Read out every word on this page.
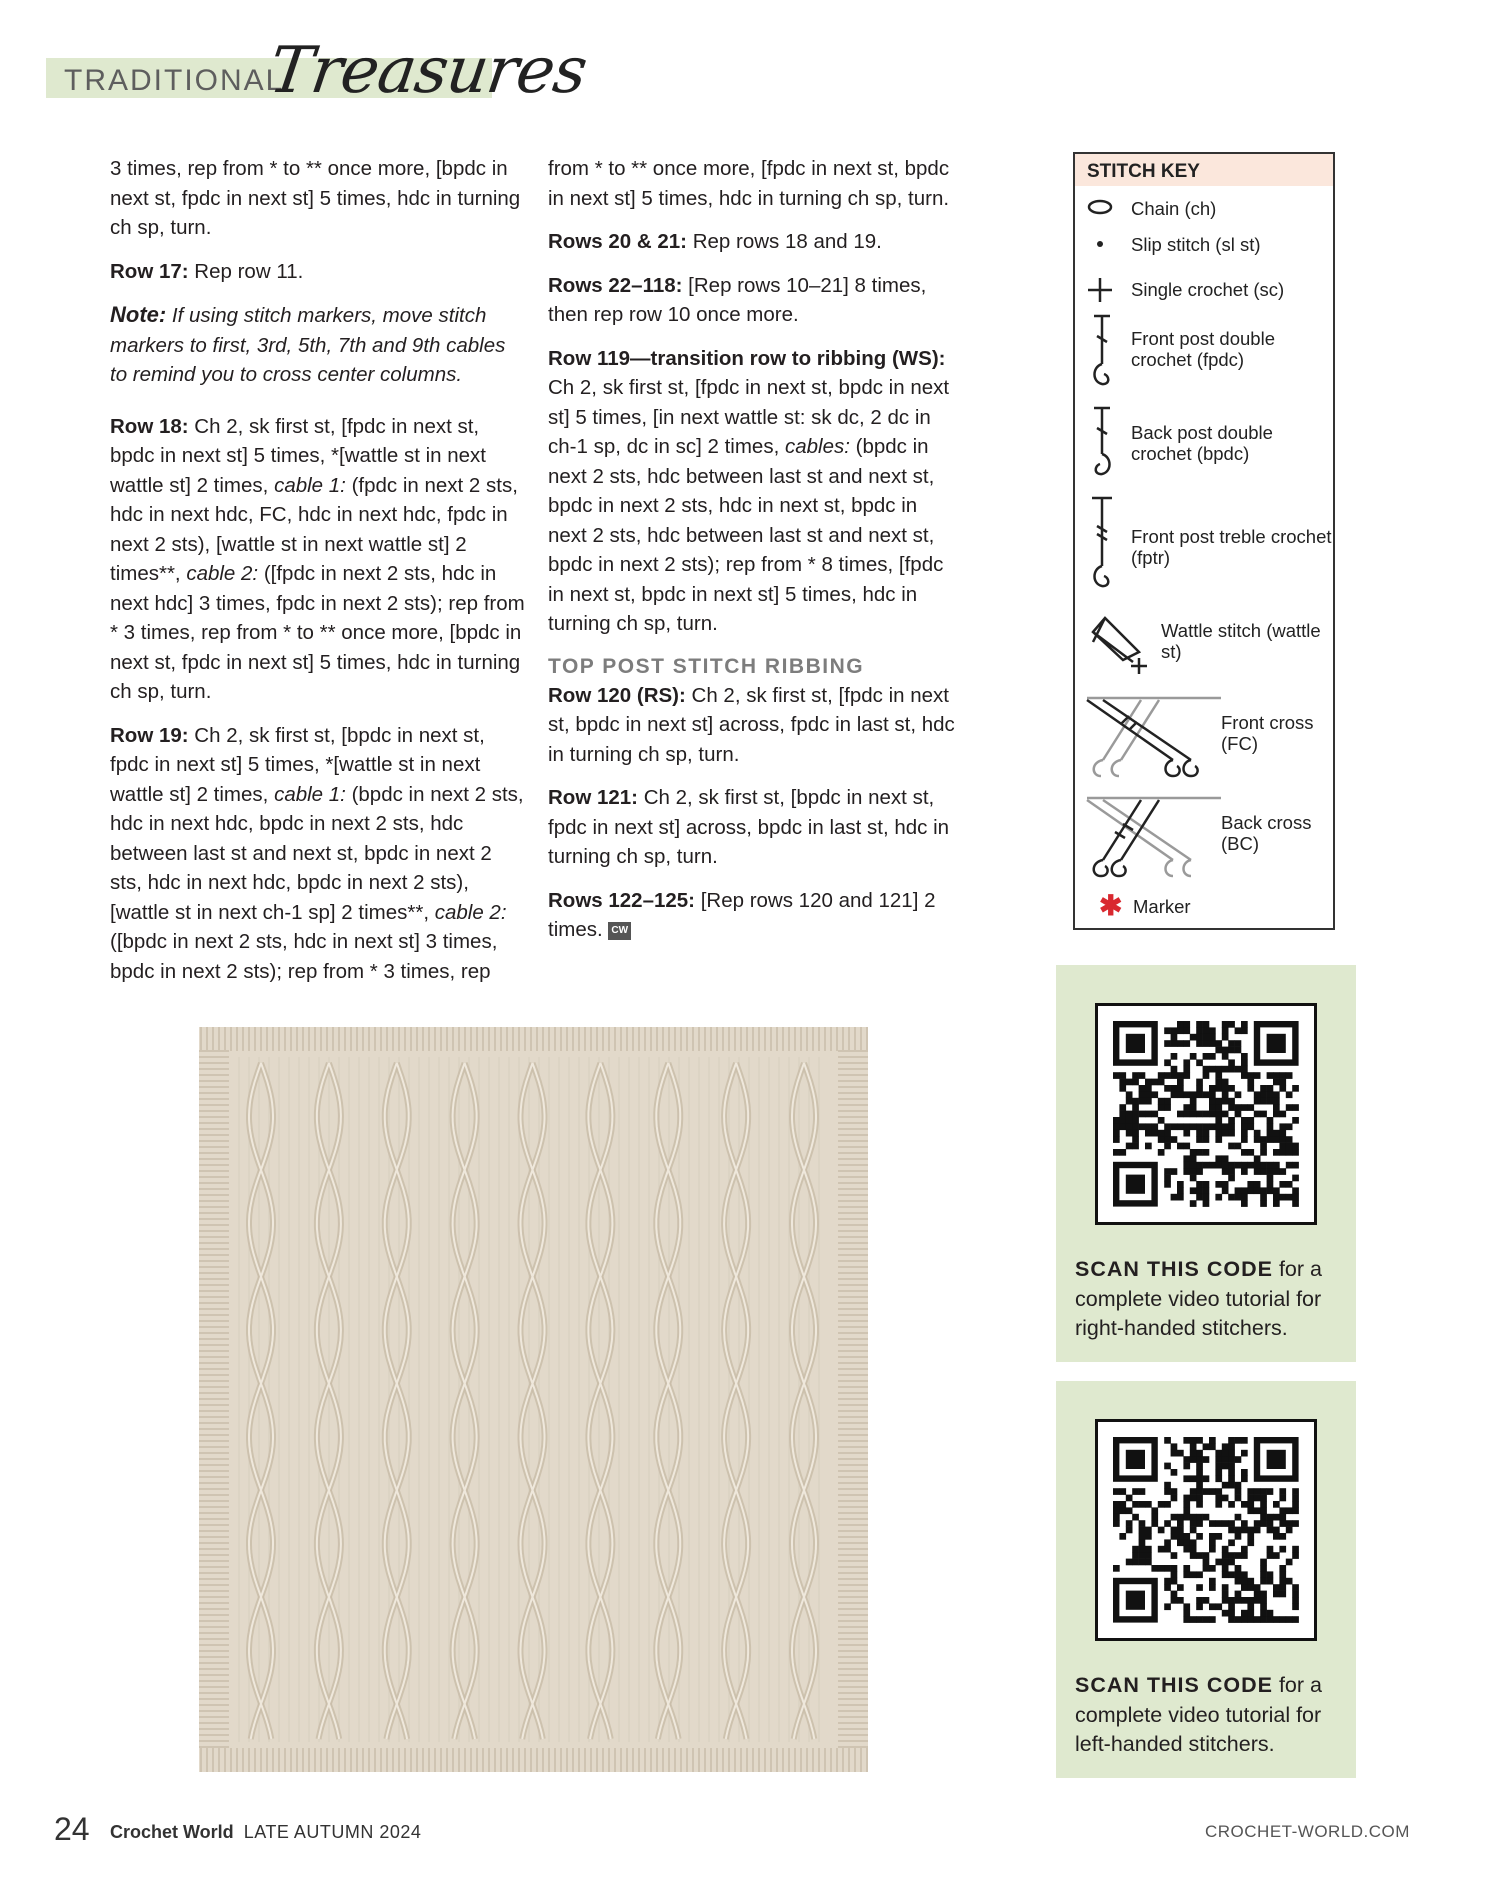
TRADITIONAL
Treasures

3 times, rep from * to ** once more, [bpdc in next st, fpdc in next st] 5 times, hdc in turning ch sp, turn.

Row 17: Rep row 11.

Note: If using stitch markers, move stitch markers to first, 3rd, 5th, 7th and 9th cables to remind you to cross center columns.

Row 18: Ch 2, sk first st, [fpdc in next st, bpdc in next st] 5 times, *[wattle st in next wattle st] 2 times, cable 1: (fpdc in next 2 sts, hdc in next hdc, FC, hdc in next hdc, fpdc in next 2 sts), [wattle st in next wattle st] 2 times**, cable 2: ([fpdc in next 2 sts, hdc in next hdc] 3 times, fpdc in next 2 sts); rep from * 3 times, rep from * to ** once more, [bpdc in next st, fpdc in next st] 5 times, hdc in turning ch sp, turn.

Row 19: Ch 2, sk first st, [bpdc in next st, fpdc in next st] 5 times, *[wattle st in next wattle st] 2 times, cable 1: (bpdc in next 2 sts, hdc in next hdc, bpdc in next 2 sts, hdc between last st and next st, bpdc in next 2 sts, hdc in next hdc, bpdc in next 2 sts), [wattle st in next ch-1 sp] 2 times**, cable 2: ([bpdc in next 2 sts, hdc in next st] 3 times, bpdc in next 2 sts); rep from * 3 times, rep

from * to ** once more, [fpdc in next st, bpdc in next st] 5 times, hdc in turning ch sp, turn.

Rows 20 & 21: Rep rows 18 and 19.

Rows 22–118: [Rep rows 10–21] 8 times, then rep row 10 once more.

Row 119—transition row to ribbing (WS): Ch 2, sk first st, [fpdc in next st, bpdc in next st] 5 times, [in next wattle st: sk dc, 2 dc in ch-1 sp, dc in sc] 2 times, cables: (bpdc in next 2 sts, hdc between last st and next st, bpdc in next 2 sts, hdc in next st, bpdc in next 2 sts, hdc between last st and next st, bpdc in next 2 sts); rep from * 8 times, [fpdc in next st, bpdc in next st] 5 times, hdc in turning ch sp, turn.

TOP POST STITCH RIBBING

Row 120 (RS): Ch 2, sk first st, [fpdc in next st, bpdc in next st] across, fpdc in last st, hdc in turning ch sp, turn.

Row 121: Ch 2, sk first st, [bpdc in next st, fpdc in next st] across, bpdc in last st, hdc in turning ch sp, turn.

Rows 122–125: [Rep rows 120 and 121] 2 times. CW

STITCH KEY
Chain (ch)
Slip stitch (sl st)
Single crochet (sc)
Front post double crochet (fpdc)
Back post double crochet (bpdc)
Front post treble crochet (fptr)
Wattle stitch (wattle st)
Front cross (FC)
Back cross (BC)
✱ Marker
SCAN THIS CODE for a complete video tutorial for right-handed stitchers.
SCAN THIS CODE for a complete video tutorial for left-handed stitchers.
24 Crochet World LATE AUTUMN 2024	CROCHET-WORLD.COM
